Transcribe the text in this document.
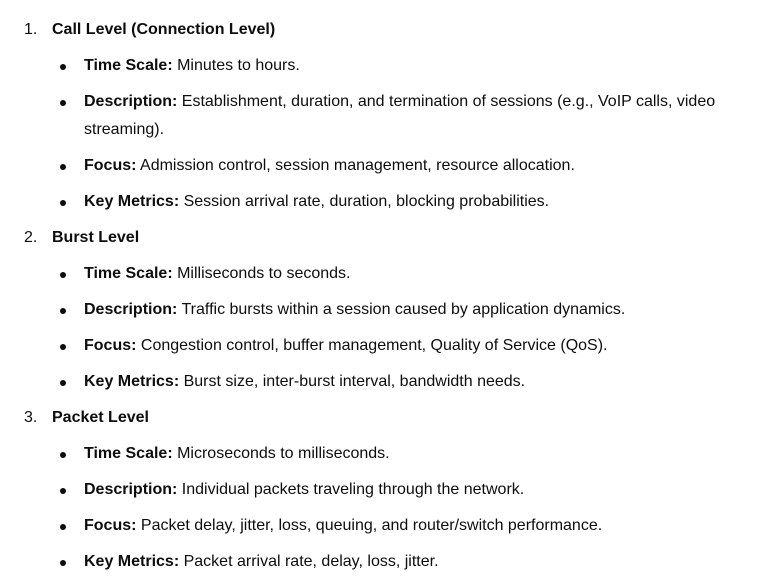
1. Call Level (Connection Level)
Time Scale: Minutes to hours.
Description: Establishment, duration, and termination of sessions (e.g., VoIP calls, video streaming).
Focus: Admission control, session management, resource allocation.
Key Metrics: Session arrival rate, duration, blocking probabilities.
2. Burst Level
Time Scale: Milliseconds to seconds.
Description: Traffic bursts within a session caused by application dynamics.
Focus: Congestion control, buffer management, Quality of Service (QoS).
Key Metrics: Burst size, inter-burst interval, bandwidth needs.
3. Packet Level
Time Scale: Microseconds to milliseconds.
Description: Individual packets traveling through the network.
Focus: Packet delay, jitter, loss, queuing, and router/switch performance.
Key Metrics: Packet arrival rate, delay, loss, jitter.
